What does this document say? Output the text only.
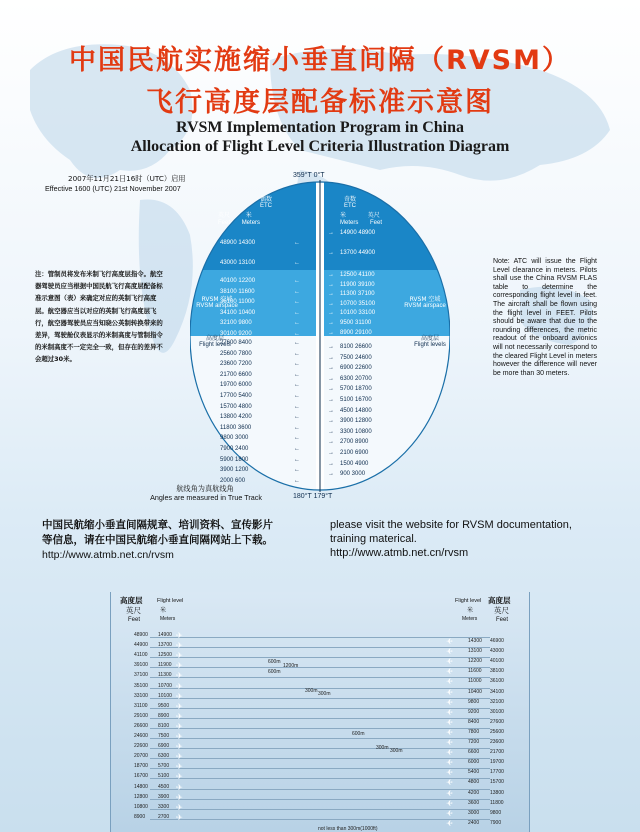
中国民航实施缩小垂直间隔（RVSM）
飞行高度层配备标准示意图
RVSM Implementation Program in China
Allocation of Flight Level Criteria Illustration Diagram
2007年11月21日16时（UTC）启用
Effective 1600 (UTC) 21st November 2007
359°T 0°T
偶数
ETC
英尺	米
Feet Meters
奇数
ETC
米	英尺
Meters Feet
RVSM 空域
RVSM airspace
RVSM 空域
RVSM airspace
高度层
Flight levels
高度层
Flight levels
48900 14300	←
43000 13100	←
14900 48900
→
13700 44900
→
40100 12200	←
38100 11600	←
36100 11000	←
34100 10400	←
32100 9800	←
30100 9200	←
12500 41100
→
11900 39100
→
11300 37100
→
10700 35100
→
10100 33100
→
9500 31100
→
8900 29100
→
27600 8400	←
25600 7800	←
23600 7200	←
21700 6600	←
19700 6000	←
17700 5400	←
15700 4800	←
13800 4200	←
11800 3600	←
9800 3000	←
7900 2400	←
5900 1800	←
3900 1200	←
2000 600	←
8100 26600
→
7500 24600
→
6900 22600
→
6300 20700
→
5700 18700
→
5100 16700
→
4500 14800
→
3900 12800
→
3300 10800
→
2700 8900
→
2100 6900
→
1500 4900
→
900 3000
→
180°T 179°T
航线角为真航线角
Angles are measured in True Track
注：管制员将发布米制飞行高度层指令。航空器驾驶员应当根据中国民航飞行高度层配备标准示意图（表）来确定对应的英制飞行高度层。航空器应当以对应的英制飞行高度层飞行，航空器驾驶员应当知晓公英制转换带来的差异，驾驶舱仪表显示的米制高度与管制指令的米制高度不一定完全一致，但存在的差异不会超过30米。
Note: ATC will issue the Flight Level clearance in meters. Pilots shall use the China RVSM FLAS table to determine the corresponding flight level in feet. The aircraft shall be flown using the flight level in FEET. Pilots should be aware that due to the rounding differences, the metric readout of the onboard avionics will not necessarily correspond to the cleared Flight Level in meters however the difference will never be more than 30 meters.
中国民航缩小垂直间隔规章、培训资料、宣传影片
等信息，请在中国民航缩小垂直间隔网站上下载。
http://www.atmb.net.cn/rvsm
please visit the website for RVSM documentation,
training materical.
http://www.atmb.net.cn/rvsm
高度层
英尺
Feet
Flight level
米
Meters
高度层
英尺
Feet
Flight level
米
Meters
48900 14900 ✈
44900 13700 ✈
41100 12500 ✈
39100 11900 ✈
37100 11300 ✈
35100 10700 ✈
33100 10100 ✈
31100 9500 ✈
29100 8900 ✈
26600 8100 ✈
24600 7500 ✈
22600 6900 ✈
20700 6300 ✈
18700 5700 ✈
16700 5100 ✈
14800 4500 ✈
12800 3900 ✈
10800 3300 ✈
8900	2700 ✈
14300 46900
✈
13100 43000
✈
12200 40100
✈
11600 38100
✈
11000 36100
✈
10400 34100
✈
9800 32100
✈
9200 30100
✈
8400 27600
✈
7800 25600
✈
7200 23600
✈
6600 21700
✈
6000 19700
✈
5400 17700
✈
4800 15700
✈
4200 13800
✈
3600 11800
✈
3000 9800
✈
2400 7900
✈
600m
1200m
600m
300m 300m
600m
300m 300m
not less than 300m(1000ft)
